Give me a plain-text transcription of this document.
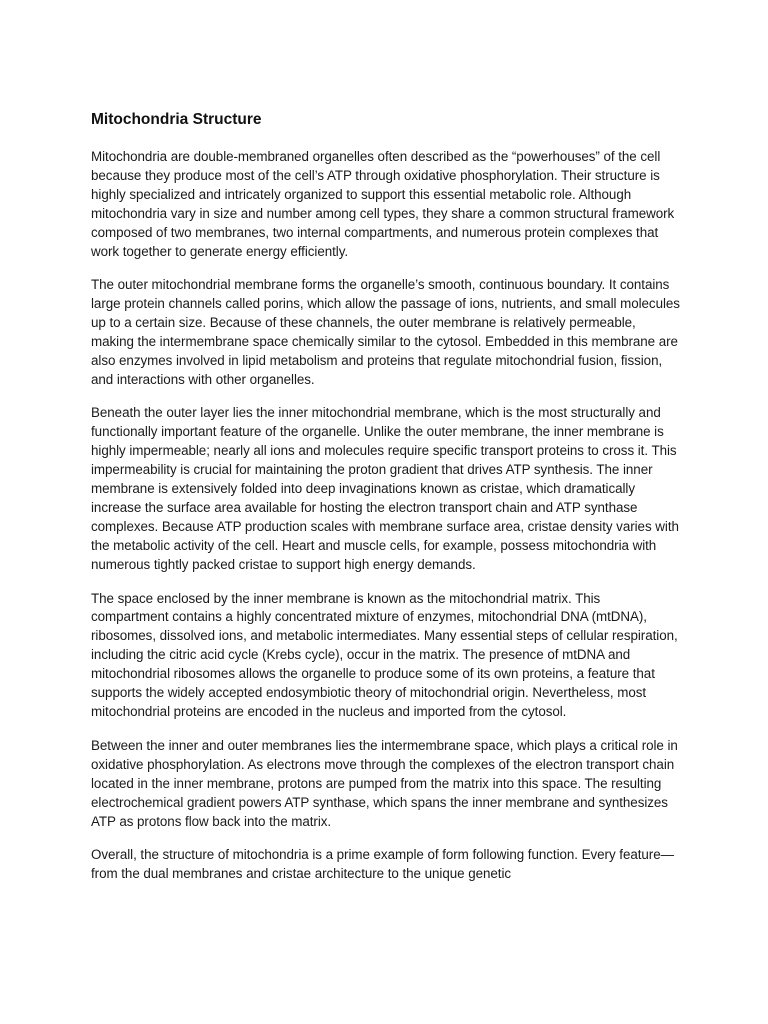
Mitochondria Structure

Mitochondria are double-membraned organelles often described as the “powerhouses” of the cell because they produce most of the cell’s ATP through oxidative phosphorylation. Their structure is highly specialized and intricately organized to support this essential metabolic role. Although mitochondria vary in size and number among cell types, they share a common structural framework composed of two membranes, two internal compartments, and numerous protein complexes that work together to generate energy efficiently.

The outer mitochondrial membrane forms the organelle’s smooth, continuous boundary. It contains large protein channels called porins, which allow the passage of ions, nutrients, and small molecules up to a certain size. Because of these channels, the outer membrane is relatively permeable, making the intermembrane space chemically similar to the cytosol. Embedded in this membrane are also enzymes involved in lipid metabolism and proteins that regulate mitochondrial fusion, fission, and interactions with other organelles.

Beneath the outer layer lies the inner mitochondrial membrane, which is the most structurally and functionally important feature of the organelle. Unlike the outer membrane, the inner membrane is highly impermeable; nearly all ions and molecules require specific transport proteins to cross it. This impermeability is crucial for maintaining the proton gradient that drives ATP synthesis. The inner membrane is extensively folded into deep invaginations known as cristae, which dramatically increase the surface area available for hosting the electron transport chain and ATP synthase complexes. Because ATP production scales with membrane surface area, cristae density varies with the metabolic activity of the cell. Heart and muscle cells, for example, possess mitochondria with numerous tightly packed cristae to support high energy demands.

The space enclosed by the inner membrane is known as the mitochondrial matrix. This compartment contains a highly concentrated mixture of enzymes, mitochondrial DNA (mtDNA), ribosomes, dissolved ions, and metabolic intermediates. Many essential steps of cellular respiration, including the citric acid cycle (Krebs cycle), occur in the matrix. The presence of mtDNA and mitochondrial ribosomes allows the organelle to produce some of its own proteins, a feature that supports the widely accepted endosymbiotic theory of mitochondrial origin. Nevertheless, most mitochondrial proteins are encoded in the nucleus and imported from the cytosol.

Between the inner and outer membranes lies the intermembrane space, which plays a critical role in oxidative phosphorylation. As electrons move through the complexes of the electron transport chain located in the inner membrane, protons are pumped from the matrix into this space. The resulting electrochemical gradient powers ATP synthase, which spans the inner membrane and synthesizes ATP as protons flow back into the matrix.

Overall, the structure of mitochondria is a prime example of form following function. Every feature—from the dual membranes and cristae architecture to the unique genetic
